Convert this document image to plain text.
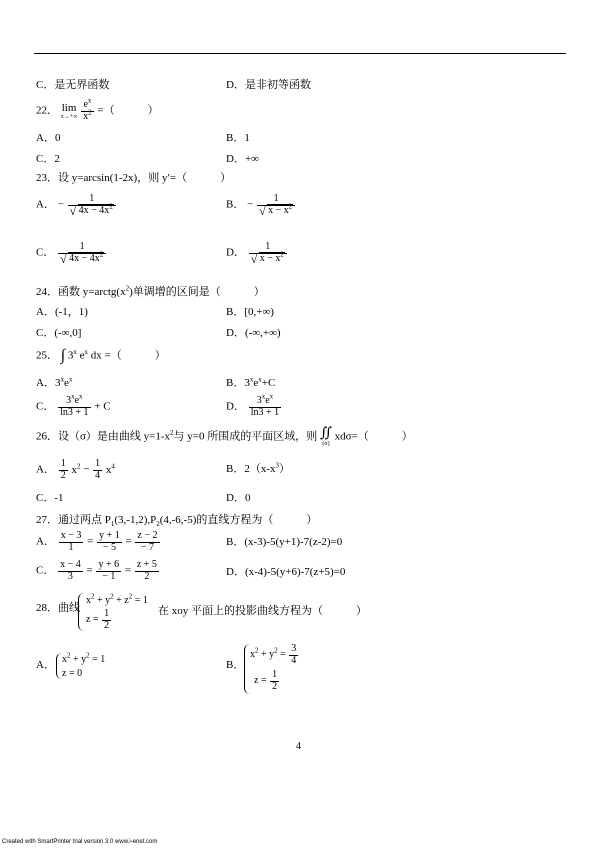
C．是无界函数	D．是非初等函数
22． lim
x→+∞
$\frac{e^x}{x^2}$ =（　　　）
A．0	B．1
C．2	D．+∞
23．设 y=arcsin(1-2x)，则 y′=（　　　）
A． − $\frac{1}{√ 4x - 4x^2}$	B． − $\frac{1}{√ x - x^2}$
C． $\frac{1}{√ 4x - 4x^2}$	D． $\frac{1}{√ x - x^2}$
24．函数 $y=arctg(x^2)$单调增的区间是（　　　）
A．(-1，1)	B．[0,+∞)
C．(-∞,0]	D．(-∞,+∞)
25． ∫ 3$^x$ $e^x$ dx =（　　　）
A．$3^xe^x$	B．$3^xe^x+C$
C． $\frac{3^xe^x}{\ln 3 + 1} + C$	D． $\frac{3^xe^x}{\ln 3 + 1}$
26．设（σ）是由曲线 $y=1-x^2$与 y=0 所围成的平面区域，则 ∬
(σ)
xdσ=（　　　）
A． $\frac{1}{2} x^2 - \frac{1}{4} x^4$	B．$2(x-x^3)$
C．-1	D．0
27．通过两点 $P_1(3,-1,2),P_2(4,-6,-5)$的直线方程为（　　　）
A． $\frac{x - 3}{1} = \frac{y + 1}{- 5} = \frac{z - 2}{- 7}$	B．(x-3)-5(y+1)-7(z-2)=0
C． $\frac{x - 4}{3} = \frac{y + 6}{- 1} = \frac{z + 5}{2}$	D．(x-4)-5(y+6)-7(z+5)=0
28．曲线
$x^2 + y^2 + z^2 = 1$
$z = \frac{1}{2}$	在 xoy 平面上的投影曲线方程为（　　　）
A． $x^2 + y^2 = 1$
z = 0
B．
$x^2 + y^2 = \frac{3}{4}$
$z = \frac{1}{2}$
4
Created with SmartPrinter trial version 3.0 www.i-enet.com
